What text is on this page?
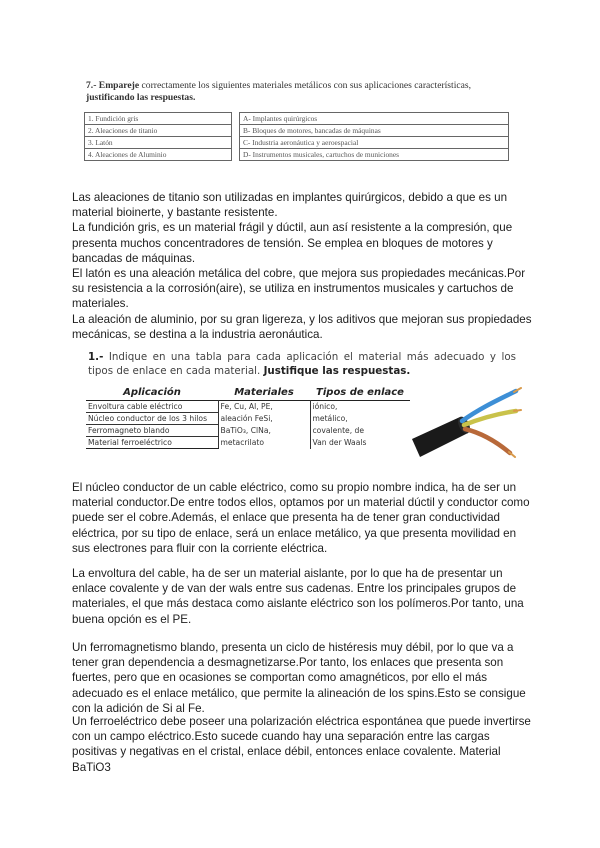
7.- Empareje correctamente los siguientes materiales metálicos con sus aplicaciones características,
justificando las respuestas.
1. Fundición gris		A- Implantes quirúrgicos
2. Aleaciones de titanio		B- Bloques de motores, bancadas de máquinas
3. Latón		C- Industria aeronáutica y aeroespacial
4. Aleaciones de Aluminio		D- Instrumentos musicales, cartuchos de municiones
Las aleaciones de titanio son utilizadas en implantes quirúrgicos, debido a que es un material bioinerte, y bastante resistente.
La fundición gris, es un material frágil y dúctil, aun así resistente a la compresión, que presenta muchos concentradores de tensión. Se emplea en bloques de motores y bancadas de máquinas.
El latón es una aleación metálica del cobre, que mejora sus propiedades mecánicas.Por su resistencia a la corrosión(aire), se utiliza en instrumentos musicales y cartuchos de materiales.
La aleación de aluminio, por su gran ligereza, y los aditivos que mejoran sus propiedades mecánicas, se destina a la industria aeronáutica.
1.- Indique en una tabla para cada aplicación el material más adecuado y los tipos de enlace en cada material. Justifique las respuestas.
Aplicación	Materiales	Tipos de enlace
Envoltura cable eléctrico	Fe, Cu, Al, PE,	iónico,
Núcleo conductor de los 3 hilos	aleación FeSi,	metálico,
Ferromagneto blando	BaTiO₃, ClNa,	covalente, de
Material ferroeléctrico	metacrilato	Van der Waals
El núcleo conductor de un cable eléctrico, como su propio nombre indica, ha de ser un material conductor.De entre todos ellos, optamos por un material dúctil y conductor como puede ser el cobre.Además, el enlace que presenta ha de tener gran conductividad eléctrica, por su tipo de enlace, será un enlace metálico, ya que presenta movilidad en sus electrones para fluir con la corriente eléctrica.
La envoltura del cable, ha de ser un material aislante, por lo que ha de presentar un enlace covalente y de van der wals entre sus cadenas. Entre los principales grupos de materiales, el que más destaca como aislante eléctrico son los polímeros.Por tanto, una buena opción es el PE.
Un ferromagnetismo blando, presenta un ciclo de histéresis muy débil, por lo que va a tener gran dependencia a desmagnetizarse.Por tanto, los enlaces que presenta son fuertes, pero que en ocasiones se comportan como amagnéticos, por ello el más adecuado es el enlace metálico, que permite la alineación de los spins.Esto se consigue con la adición de Si al Fe.
Un ferroeléctrico debe poseer una polarización eléctrica espontánea que puede invertirse con un campo eléctrico.Esto sucede cuando hay una separación entre las cargas positivas y negativas en el cristal, enlace débil, entonces enlace covalente. Material BaTiO3
